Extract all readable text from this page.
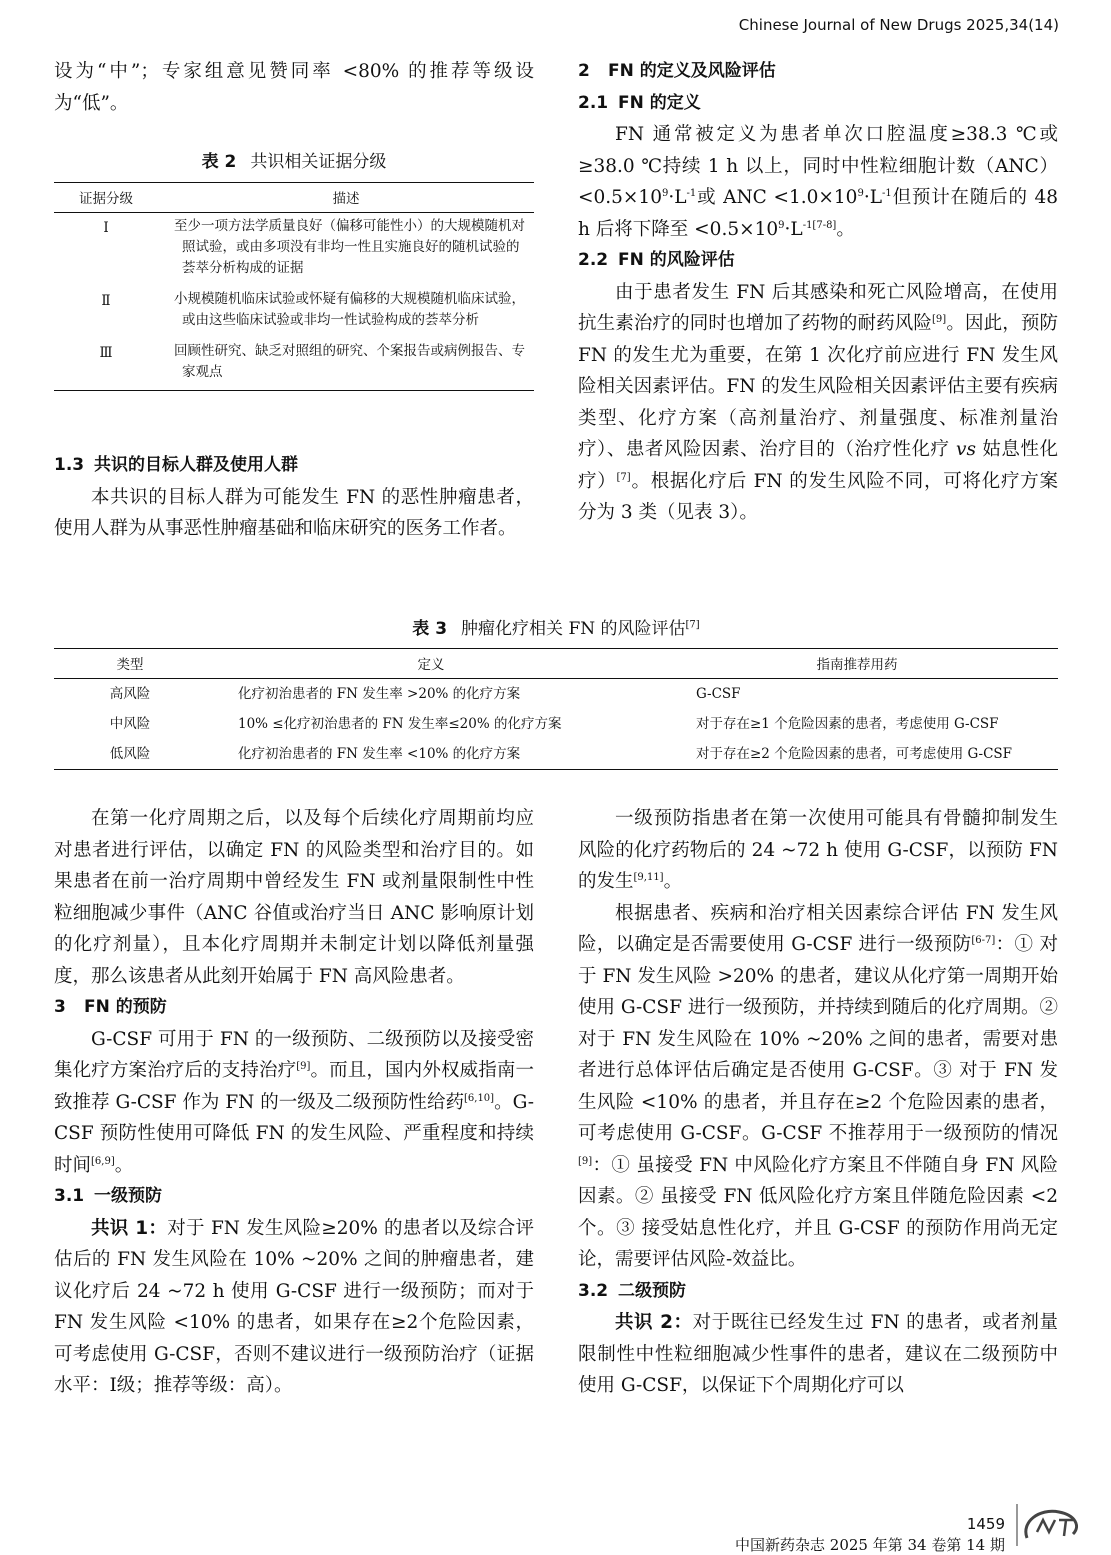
Chinese Journal of New Drugs 2025,34(14)

设为“中”；专家组意见赞同率 <80% 的推荐等级设为“低”。

表 2 共识相关证据分级

证据分级	描述
Ⅰ	至少一项方法学质量良好（偏移可能性小）的大规模随机对照试验，或由多项没有非均一性且实施良好的随机试验的荟萃分析构成的证据
Ⅱ	小规模随机临床试验或怀疑有偏移的大规模随机临床试验，或由这些临床试验或非均一性试验构成的荟萃分析
Ⅲ	回顾性研究、缺乏对照组的研究、个案报告或病例报告、专家观点
1.3 共识的目标人群及使用人群

本共识的目标人群为可能发生 FN 的恶性肿瘤患者，使用人群为从事恶性肿瘤基础和临床研究的医务工作者。

2 FN 的定义及风险评估
2.1 FN 的定义

FN 通常被定义为患者单次口腔温度≥38.3 ℃或≥38.0 ℃持续 1 h 以上，同时中性粒细胞计数$(ANC)<0.5\times 10^9\cdot L^{-1}$或 ANC $<1.0\times 10^9\cdot L^{-1}$但预计在随后的 48 h 后将下降至 $<0.5\times 10^9\cdot L^{-1[7-8]}$。

2.2 FN 的风险评估

由于患者发生 FN 后其感染和死亡风险增高，在使用抗生素治疗的同时也增加了药物的耐药风险[9]。因此，预防 FN 的发生尤为重要，在第 1 次化疗前应进行 FN 发生风险相关因素评估。FN 的发生风险相关因素评估主要有疾病类型、化疗方案（高剂量治疗、剂量强度、标准剂量治疗）、患者风险因素、治疗目的（治疗性化疗 vs 姑息性化疗）[7]。根据化疗后 FN 的发生风险不同，可将化疗方案分为 3 类（见表 3）。

表 3 肿瘤化疗相关 FN 的风险评估[7]

类型	定义	指南推荐用药
高风险	化疗初治患者的 FN 发生率 >20% 的化疗方案	G-CSF
中风险	10% ≤化疗初治患者的 FN 发生率≤20% 的化疗方案	对于存在≥1 个危险因素的患者，考虑使用 G-CSF
低风险	化疗初治患者的 FN 发生率 <10% 的化疗方案	对于存在≥2 个危险因素的患者，可考虑使用 G-CSF

在第一化疗周期之后，以及每个后续化疗周期前均应对患者进行评估，以确定 FN 的风险类型和治疗目的。如果患者在前一治疗周期中曾经发生 FN 或剂量限制性中性粒细胞减少事件（ANC 谷值或治疗当日 ANC 影响原计划的化疗剂量），且本化疗周期并未制定计划以降低剂量强度，那么该患者从此刻开始属于 FN 高风险患者。

3 FN 的预防

G-CSF 可用于 FN 的一级预防、二级预防以及接受密集化疗方案治疗后的支持治疗[9]。而且，国内外权威指南一致推荐 G-CSF 作为 FN 的一级及二级预防性给药[6,10]。G-CSF 预防性使用可降低 FN 的发生风险、严重程度和持续时间[6,9]。

3.1 一级预防

共识 1：对于 FN 发生风险≥20% 的患者以及综合评估后的 FN 发生风险在 10% ~20% 之间的肿瘤患者，建议化疗后 24 ~72 h 使用 G-CSF 进行一级预防；而对于 FN 发生风险 <10% 的患者，如果存在≥2个危险因素，可考虑使用 G-CSF，否则不建议进行一级预防治疗（证据水平：Ⅰ级；推荐等级：高）。

一级预防指患者在第一次使用可能具有骨髓抑制发生风险的化疗药物后的 24 ~72 h 使用 G-CSF，以预防 FN 的发生[9,11]。

根据患者、疾病和治疗相关因素综合评估 FN 发生风险，以确定是否需要使用 G-CSF 进行一级预防[6-7]：① 对于 FN 发生风险 >20% 的患者，建议从化疗第一周期开始使用 G-CSF 进行一级预防，并持续到随后的化疗周期。② 对于 FN 发生风险在 10% ~20% 之间的患者，需要对患者进行总体评估后确定是否使用 G-CSF。③ 对于 FN 发生风险 <10% 的患者，并且存在≥2 个危险因素的患者，可考虑使用 G-CSF。G-CSF 不推荐用于一级预防的情况[9]：① 虽接受 FN 中风险化疗方案且不伴随自身 FN 风险因素。② 虽接受 FN 低风险化疗方案且伴随危险因素 <2 个。③ 接受姑息性化疗，并且 G-CSF 的预防作用尚无定论，需要评估风险-效益比。

3.2 二级预防

共识 2：对于既往已经发生过 FN 的患者，或者剂量限制性中性粒细胞减少性事件的患者，建议在二级预防中使用 G-CSF，以保证下个周期化疗可以

1459
中国新药杂志 2025 年第 34 卷第 14 期
